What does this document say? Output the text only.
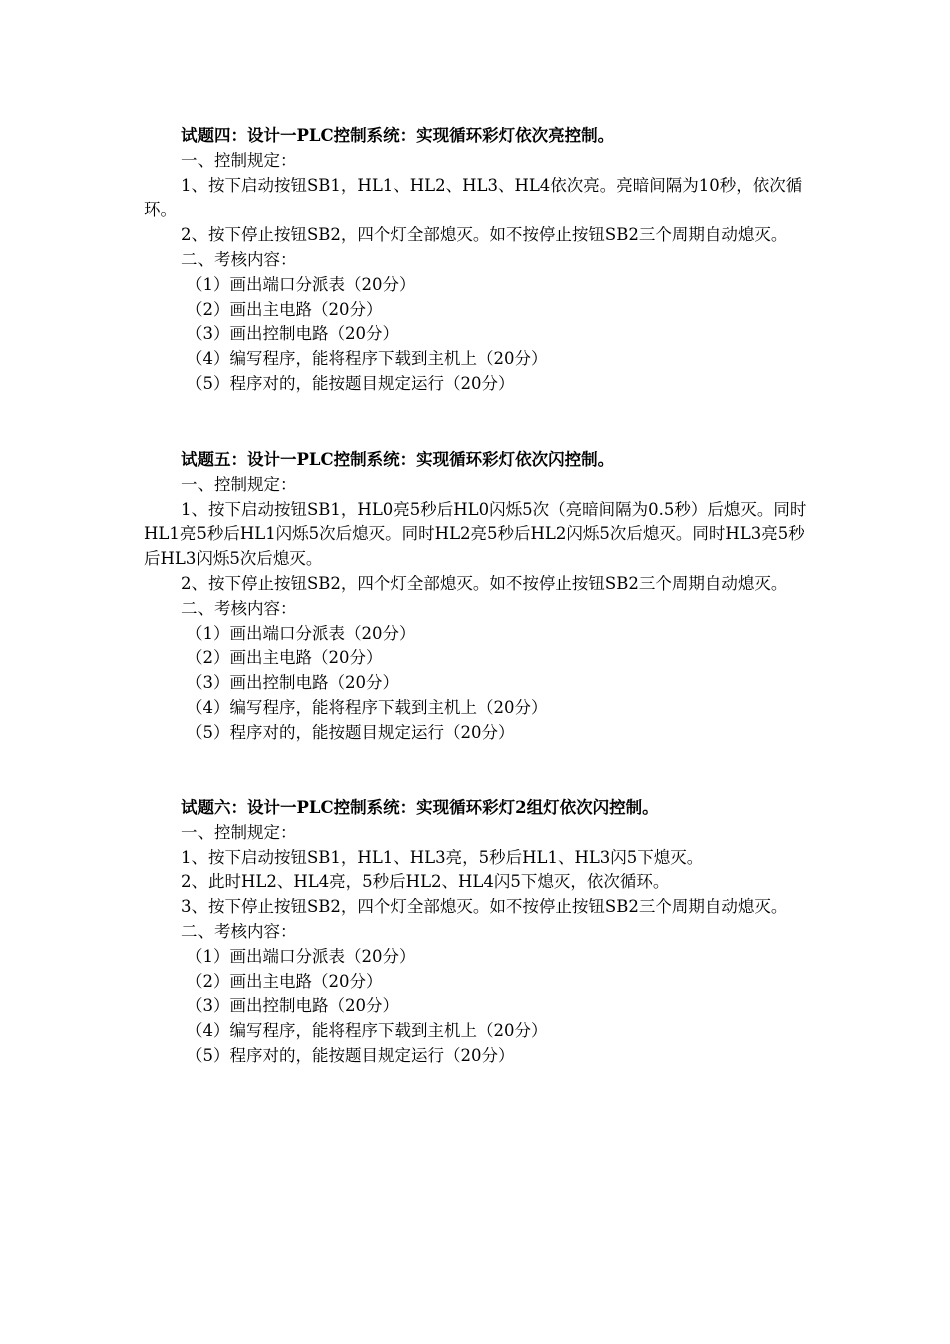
试题四：设计一PLC控制系统：实现循环彩灯依次亮控制。

一、控制规定：

1、按下启动按钮SB1，HL1、HL2、HL3、HL4依次亮。亮暗间隔为10秒，依次循环。

2、按下停止按钮SB2，四个灯全部熄灭。如不按停止按钮SB2三个周期自动熄灭。

二、考核内容：

（1）画出端口分派表（20分）

（2）画出主电路（20分）

（3）画出控制电路（20分）

（4）编写程序，能将程序下载到主机上（20分）

（5）程序对的，能按题目规定运行（20分）

试题五：设计一PLC控制系统：实现循环彩灯依次闪控制。

一、控制规定：

1、按下启动按钮SB1，HL0亮5秒后HL0闪烁5次（亮暗间隔为0.5秒）后熄灭。同时HL1亮5秒后HL1闪烁5次后熄灭。同时HL2亮5秒后HL2闪烁5次后熄灭。同时HL3亮5秒后HL3闪烁5次后熄灭。

2、按下停止按钮SB2，四个灯全部熄灭。如不按停止按钮SB2三个周期自动熄灭。

二、考核内容：

（1）画出端口分派表（20分）

（2）画出主电路（20分）

（3）画出控制电路（20分）

（4）编写程序，能将程序下载到主机上（20分）

（5）程序对的，能按题目规定运行（20分）

试题六：设计一PLC控制系统：实现循环彩灯2组灯依次闪控制。

一、控制规定：

1、按下启动按钮SB1，HL1、HL3亮，5秒后HL1、HL3闪5下熄灭。

2、此时HL2、HL4亮，5秒后HL2、HL4闪5下熄灭，依次循环。

3、按下停止按钮SB2，四个灯全部熄灭。如不按停止按钮SB2三个周期自动熄灭。

二、考核内容：

（1）画出端口分派表（20分）

（2）画出主电路（20分）

（3）画出控制电路（20分）

（4）编写程序，能将程序下载到主机上（20分）

（5）程序对的，能按题目规定运行（20分）
